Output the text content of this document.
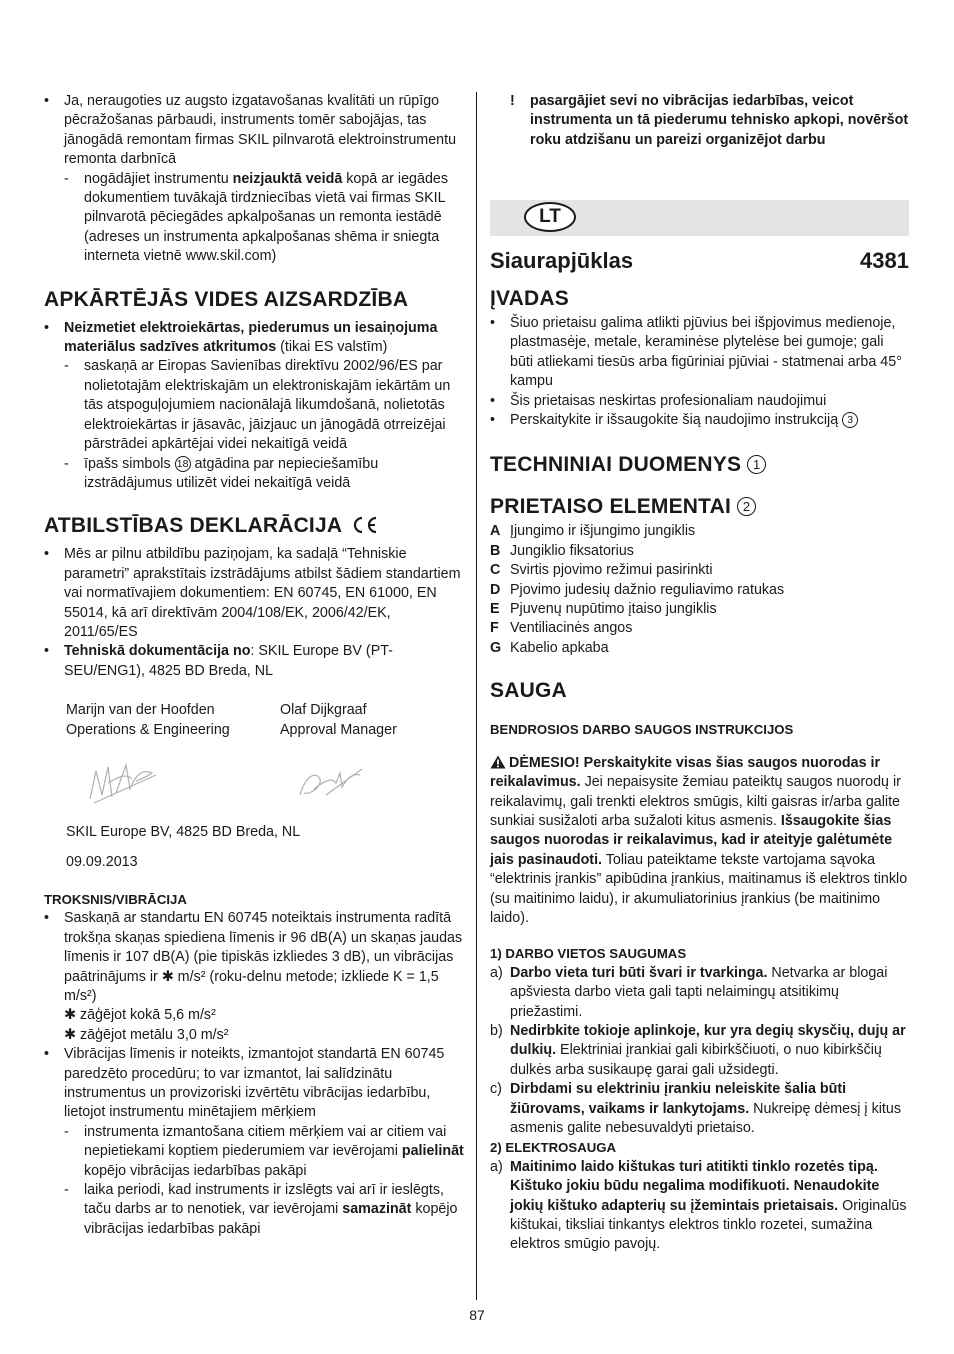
• Ja, neraugoties uz augsto izgatavošanas kvalitāti un rūpīgo pēcražošanas pārbaudi, instruments tomēr sabojājas, tas jānogādā remontam firmas SKIL pilnvarotā elektroinstrumentu remonta darbnīcā
- nogādājiet instrumentu neizjauktā veidā kopā ar iegādes dokumentiem tuvākajā tirdzniecības vietā vai firmas SKIL pilnvarotā pēciegādes apkalpošanas un remonta iestādē (adreses un instrumenta apkalpošanas shēma ir sniegta interneta vietnē www.skil.com)
APKĀRTĒJĀS VIDES AIZSARDZĪBA
• Neizmetiet elektroiekārtas, piederumus un iesaiņojuma materiālus sadzīves atkritumos (tikai ES valstīm)
- saskaņā ar Eiropas Savienības direktīvu 2002/96/ES par nolietotajām elektriskajām un elektroniskajām iekārtām un tās atspoguļojumiem nacionālajā likumdošanā, nolietotās elektroiekārtas ir jāsavāc, jāizjauc un jānogādā otrreizējai pārstrādei apkārtējai videi nekaitīgā veidā
- īpašs simbols 18 atgādina par nepieciešamību izstrādājumus utilizēt videi nekaitīgā veidā
ATBILSTĪBAS DEKLARĀCIJA
• Mēs ar pilnu atbildību paziņojam, ka sadaļā “Tehniskie parametri” aprakstītais izstrādājums atbilst šādiem standartiem vai normatīvajiem dokumentiem: EN 60745, EN 61000, EN 55014, kā arī direktīvām 2004/108/EK, 2006/42/EK, 2011/65/ES
• Tehniskā dokumentācija no: SKIL Europe BV (PT-SEU/ENG1), 4825 BD Breda, NL
Marijn van der Hoofden
Operations & Engineering
Olaf Dijkgraaf
Approval Manager
SKIL Europe BV, 4825 BD Breda, NL
09.09.2013
TROKSNIS/VIBRĀCIJA
• Saskaņā ar standartu EN 60745 noteiktais instrumenta radītā trokšņa skaņas spiediena līmenis ir 96 dB(A) un skaņas jaudas līmenis ir 107 dB(A) (pie tipiskās izkliedes 3 dB), un vibrācijas paātrinājums ir ✱ m/s² (roku-delnu metode; izkliede K = 1,5 m/s²)
✱ zāģējot kokā 5,6 m/s²
✱ zāģējot metālu 3,0 m/s²
• Vibrācijas līmenis ir noteikts, izmantojot standartā EN 60745 paredzēto procedūru; to var izmantot, lai salīdzinātu instrumentus un provizoriski izvērtētu vibrācijas iedarbību, lietojot instrumentu minētajiem mērķiem
- instrumenta izmantošana citiem mērķiem vai ar citiem vai nepietiekami koptiem piederumiem var ievērojami palielināt kopējo vibrācijas iedarbības pakāpi
- laika periodi, kad instruments ir izslēgts vai arī ir ieslēgts, taču darbs ar to nenotiek, var ievērojami samazināt kopējo vibrācijas iedarbības pakāpi
! pasargājiet sevi no vibrācijas iedarbības, veicot instrumenta un tā piederumu tehnisko apkopi, novēršot roku atdzišanu un pareizi organizējot darbu
LT
Siaurapjūklas	4381
ĮVADAS
• Šiuo prietaisu galima atlikti pjūvius bei išpjovimus medienoje, plastmasėje, metale, keraminėse plytelėse bei gumoje; gali būti atliekami tiesūs arba figūriniai pjūviai - statmenai arba 45° kampu
• Šis prietaisas neskirtas profesionaliam naudojimui
• Perskaitykite ir išsaugokite šią naudojimo instrukciją 3
TECHNINIAI DUOMENYS 1
PRIETAISO ELEMENTAI 2
A Įjungimo ir išjungimo jungiklis
B Jungiklio fiksatorius
C Svirtis pjovimo režimui pasirinkti
D Pjovimo judesių dažnio reguliavimo ratukas
E Pjuvenų nupūtimo įtaiso jungiklis
F Ventiliacinės angos
G Kabelio apkaba
SAUGA
BENDROSIOS DARBO SAUGOS INSTRUKCIJOS
DĖMESIO! Perskaitykite visas šias saugos nuorodas ir reikalavimus. Jei nepaisysite žemiau pateiktų saugos nuorodų ir reikalavimų, gali trenkti elektros smūgis, kilti gaisras ir/arba galite sunkiai susižaloti arba sužaloti kitus asmenis. Išsaugokite šias saugos nuorodas ir reikalavimus, kad ir ateityje galėtumėte jais pasinaudoti. Toliau pateiktame tekste vartojama sąvoka “elektrinis įrankis” apibūdina įrankius, maitinamus iš elektros tinklo (su maitinimo laidu), ir akumuliatorinius įrankius (be maitinimo laido).
1) DARBO VIETOS SAUGUMAS
a) Darbo vieta turi būti švari ir tvarkinga. Netvarka ar blogai apšviesta darbo vieta gali tapti nelaimingų atsitikimų priežastimi.
b) Nedirbkite tokioje aplinkoje, kur yra degių skysčių, dujų ar dulkių. Elektriniai įrankiai gali kibirkščiuoti, o nuo kibirkščių dulkės arba susikaupę garai gali užsidegti.
c) Dirbdami su elektriniu įrankiu neleiskite šalia būti žiūrovams, vaikams ir lankytojams. Nukreipę dėmesį į kitus asmenis galite nebesuvaldyti prietaiso.
2) ELEKTROSAUGA
a) Maitinimo laido kištukas turi atitikti tinklo rozetės tipą. Kištuko jokiu būdu negalima modifikuoti. Nenaudokite jokių kištuko adapterių su įžemintais prietaisais. Originalūs kištukai, tiksliai tinkantys elektros tinklo rozetei, sumažina elektros smūgio pavojų.
87
